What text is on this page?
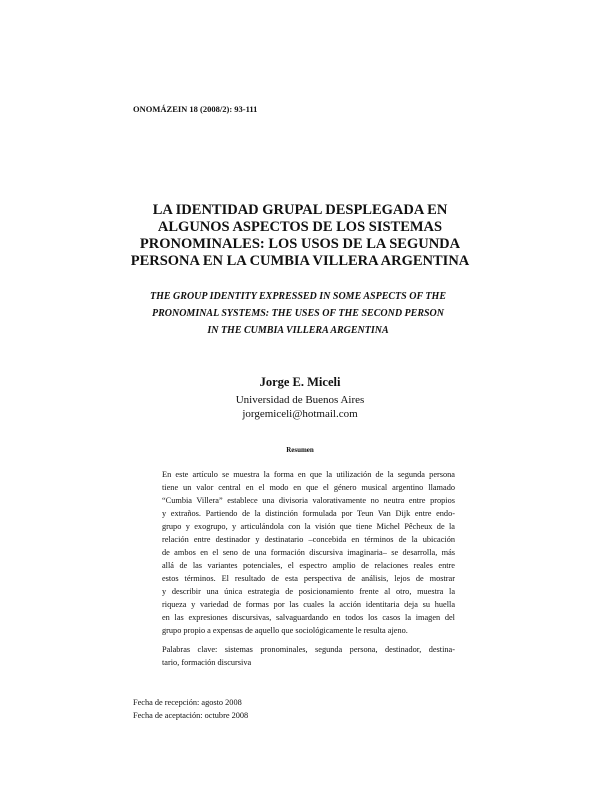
ONOMÁZEIN 18 (2008/2): 93-111
LA IDENTIDAD GRUPAL DESPLEGADA EN
ALGUNOS ASPECTOS DE LOS SISTEMAS
PRONOMINALES: LOS USOS DE LA SEGUNDA
PERSONA EN LA CUMBIA VILLERA ARGENTINA
THE GROUP IDENTITY EXPRESSED IN SOME ASPECTS OF THE
PRONOMINAL SYSTEMS: THE USES OF THE SECOND PERSON
IN THE CUMBIA VILLERA ARGENTINA
Jorge E. Miceli
Universidad de Buenos Aires
jorgemiceli@hotmail.com
Resumen
En este artículo se muestra la forma en que la utilización de la segunda persona
tiene un valor central en el modo en que el género musical argentino llamado
“Cumbia Villera” establece una divisoria valorativamente no neutra entre propios
y extraños. Partiendo de la distinción formulada por Teun Van Dijk entre endo-
grupo y exogrupo, y articulándola con la visión que tiene Michel Pêcheux de la
relación entre destinador y destinatario –concebida en términos de la ubicación
de ambos en el seno de una formación discursiva imaginaria– se desarrolla, más
allá de las variantes potenciales, el espectro amplio de relaciones reales entre
estos términos. El resultado de esta perspectiva de análisis, lejos de mostrar
y describir una única estrategia de posicionamiento frente al otro, muestra la
riqueza y variedad de formas por las cuales la acción identitaria deja su huella
en las expresiones discursivas, salvaguardando en todos los casos la imagen del
grupo propio a expensas de aquello que sociológicamente le resulta ajeno.
Palabras clave: sistemas pronominales, segunda persona, destinador, destina-
tario, formación discursiva
Fecha de recepción: agosto 2008
Fecha de aceptación: octubre 2008
